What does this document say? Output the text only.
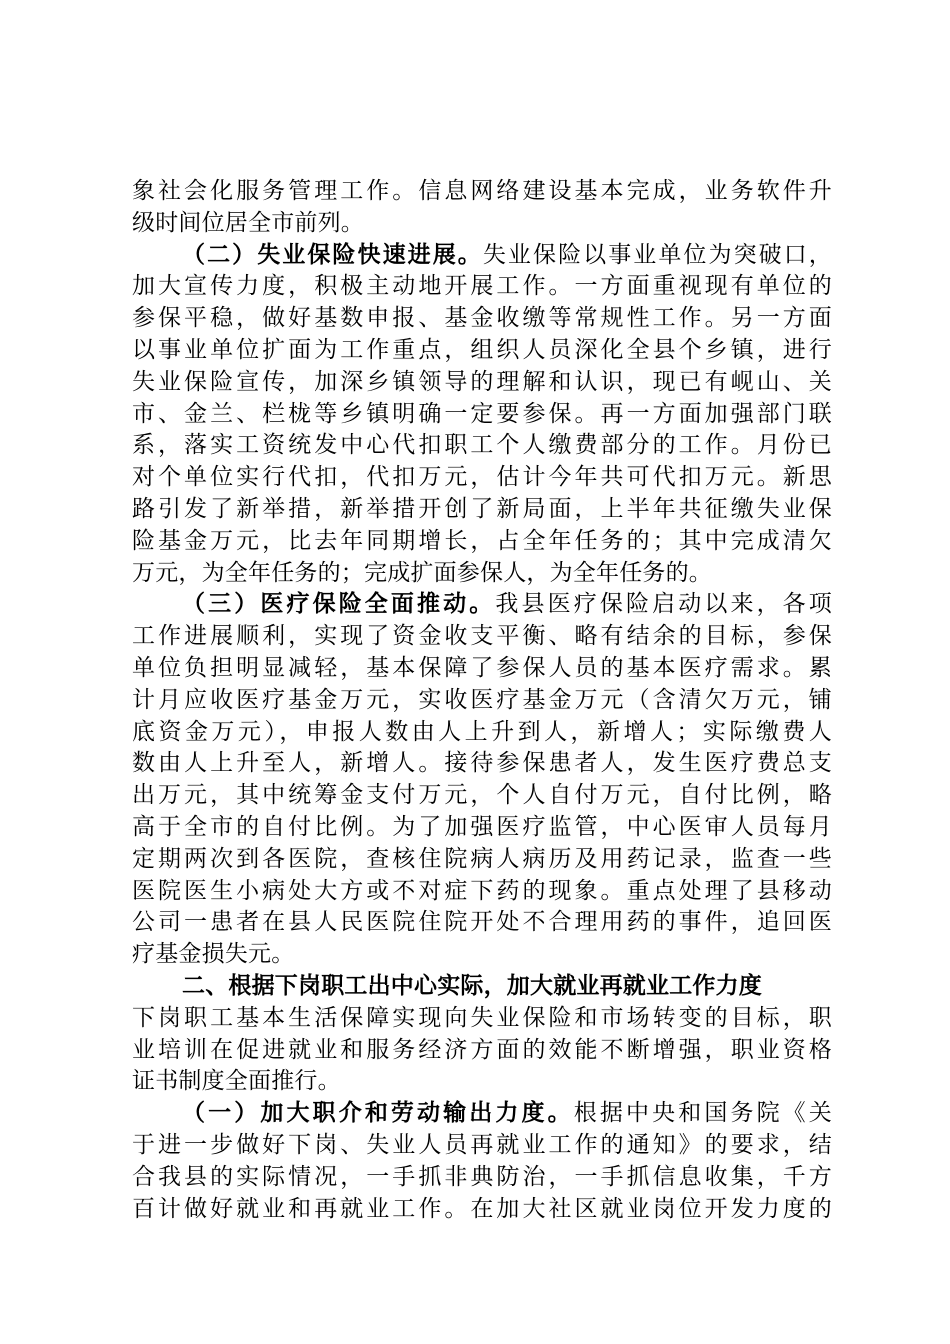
象社会化服务管理工作。信息网络建设基本完成，业务软件升
级时间位居全市前列。
（二）失业保险快速进展。失业保险以事业单位为突破口，
加大宣传力度，积极主动地开展工作。一方面重视现有单位的
参保平稳，做好基数申报、基金收缴等常规性工作。另一方面
以事业单位扩面为工作重点，组织人员深化全县个乡镇，进行
失业保险宣传，加深乡镇领导的理解和认识，现已有岘山、关
市、金兰、栏栊等乡镇明确一定要参保。再一方面加强部门联
系，落实工资统发中心代扣职工个人缴费部分的工作。月份已
对个单位实行代扣，代扣万元，估计今年共可代扣万元。新思
路引发了新举措，新举措开创了新局面，上半年共征缴失业保
险基金万元，比去年同期增长，占全年任务的；其中完成清欠
万元，为全年任务的；完成扩面参保人，为全年任务的。
（三）医疗保险全面推动。我县医疗保险启动以来，各项
工作进展顺利，实现了资金收支平衡、略有结余的目标，参保
单位负担明显减轻，基本保障了参保人员的基本医疗需求。累
计月应收医疗基金万元，实收医疗基金万元（含清欠万元，铺
底资金万元），申报人数由人上升到人，新增人；实际缴费人
数由人上升至人，新增人。接待参保患者人，发生医疗费总支
出万元，其中统筹金支付万元，个人自付万元，自付比例，略
高于全市的自付比例。为了加强医疗监管，中心医审人员每月
定期两次到各医院，查核住院病人病历及用药记录，监查一些
医院医生小病处大方或不对症下药的现象。重点处理了县移动
公司一患者在县人民医院住院开处不合理用药的事件，追回医
疗基金损失元。
二、根据下岗职工出中心实际，加大就业再就业工作力度
下岗职工基本生活保障实现向失业保险和市场转变的目标，职
业培训在促进就业和服务经济方面的效能不断增强，职业资格
证书制度全面推行。
（一）加大职介和劳动输出力度。根据中央和国务院《关
于进一步做好下岗、失业人员再就业工作的通知》的要求，结
合我县的实际情况，一手抓非典防治，一手抓信息收集，千方
百计做好就业和再就业工作。在加大社区就业岗位开发力度的
